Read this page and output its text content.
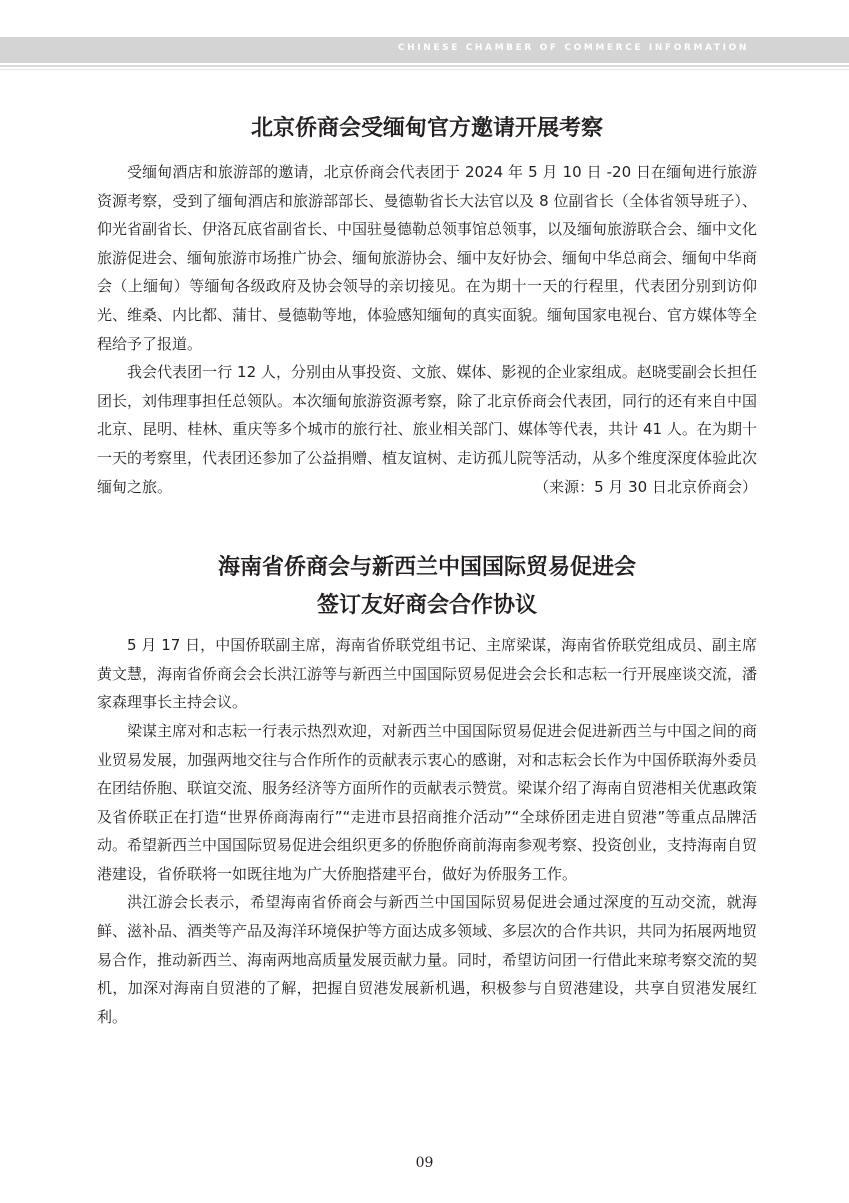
CHINESE CHAMBER OF COMMERCE INFORMATION
北京侨商会受缅甸官方邀请开展考察

受缅甸酒店和旅游部的邀请，北京侨商会代表团于 2024 年 5 月 10 日 -20 日在缅甸进行旅游资源考察，受到了缅甸酒店和旅游部部长、曼德勒省长大法官以及 8 位副省长（全体省领导班子）、仰光省副省长、伊洛瓦底省副省长、中国驻曼德勒总领事馆总领事，以及缅甸旅游联合会、缅中文化旅游促进会、缅甸旅游市场推广协会、缅甸旅游协会、缅中友好协会、缅甸中华总商会、缅甸中华商会（上缅甸）等缅甸各级政府及协会领导的亲切接见。在为期十一天的行程里，代表团分别到访仰光、维桑、内比都、蒲甘、曼德勒等地，体验感知缅甸的真实面貌。缅甸国家电视台、官方媒体等全程给予了报道。

我会代表团一行 12 人，分别由从事投资、文旅、媒体、影视的企业家组成。赵晓雯副会长担任团长，刘伟理事担任总领队。本次缅甸旅游资源考察，除了北京侨商会代表团，同行的还有来自中国北京、昆明、桂林、重庆等多个城市的旅行社、旅业相关部门、媒体等代表，共计 41 人。在为期十一天的考察里，代表团还参加了公益捐赠、植友谊树、走访孤儿院等活动，从多个维度深度体验此次缅甸之旅。	（来源：5 月 30 日北京侨商会）

海南省侨商会与新西兰中国国际贸易促进会
签订友好商会合作协议

5 月 17 日，中国侨联副主席，海南省侨联党组书记、主席梁谋，海南省侨联党组成员、副主席黄文慧，海南省侨商会会长洪江游等与新西兰中国国际贸易促进会会长和志耘一行开展座谈交流，潘家森理事长主持会议。

梁谋主席对和志耘一行表示热烈欢迎，对新西兰中国国际贸易促进会促进新西兰与中国之间的商业贸易发展，加强两地交往与合作所作的贡献表示衷心的感谢，对和志耘会长作为中国侨联海外委员在团结侨胞、联谊交流、服务经济等方面所作的贡献表示赞赏。梁谋介绍了海南自贸港相关优惠政策及省侨联正在打造“世界侨商海南行”“走进市县招商推介活动”“全球侨团走进自贸港”等重点品牌活动。希望新西兰中国国际贸易促进会组织更多的侨胞侨商前海南参观考察、投资创业，支持海南自贸港建设，省侨联将一如既往地为广大侨胞搭建平台，做好为侨服务工作。

洪江游会长表示，希望海南省侨商会与新西兰中国国际贸易促进会通过深度的互动交流，就海鲜、滋补品、酒类等产品及海洋环境保护等方面达成多领域、多层次的合作共识，共同为拓展两地贸易合作，推动新西兰、海南两地高质量发展贡献力量。同时，希望访问团一行借此来琼考察交流的契机，加深对海南自贸港的了解，把握自贸港发展新机遇，积极参与自贸港建设，共享自贸港发展红利。

09
